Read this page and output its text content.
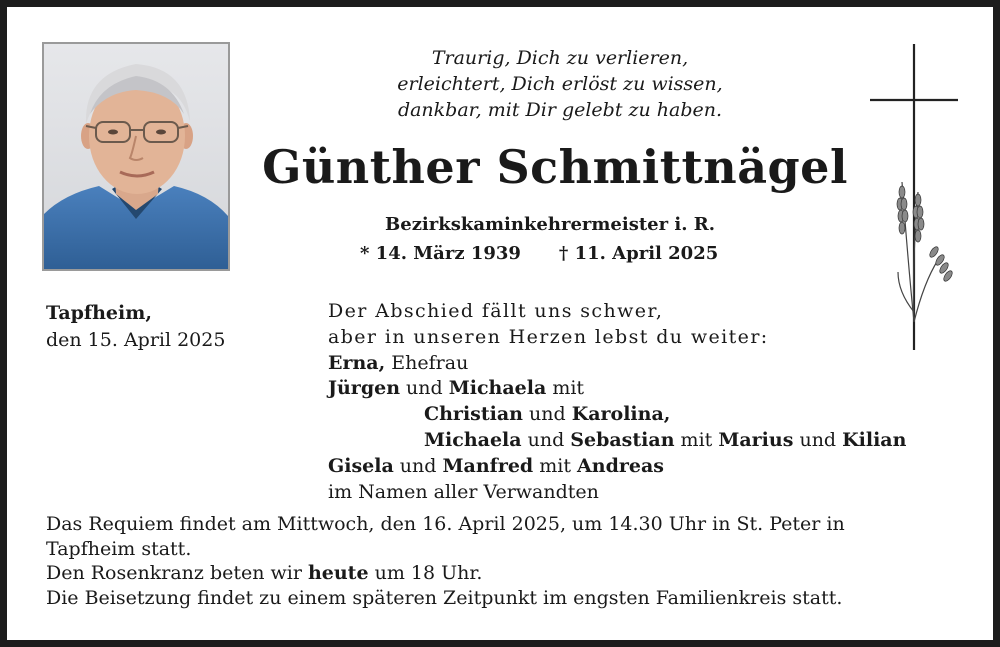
Traurig, Dich zu verlieren,
erleichtert, Dich erlöst zu wissen,
dankbar, mit Dir gelebt zu haben.
Günther Schmittnägel
Bezirkskaminkehrermeister i. R.
* 14. März 1939 † 11. April 2025
Tapfheim,
den 15. April 2025
Der Abschied fällt uns schwer,
aber in unseren Herzen lebst du weiter:
Erna, Ehefrau
Jürgen und Michaela mit
Christian und Karolina,
Michaela und Sebastian mit Marius und Kilian
Gisela und Manfred mit Andreas
im Namen aller Verwandten
Das Requiem findet am Mittwoch, den 16. April 2025, um 14.30 Uhr in St. Peter in
Tapfheim statt.
Den Rosenkranz beten wir heute um 18 Uhr.
Die Beisetzung findet zu einem späteren Zeitpunkt im engsten Familienkreis statt.
